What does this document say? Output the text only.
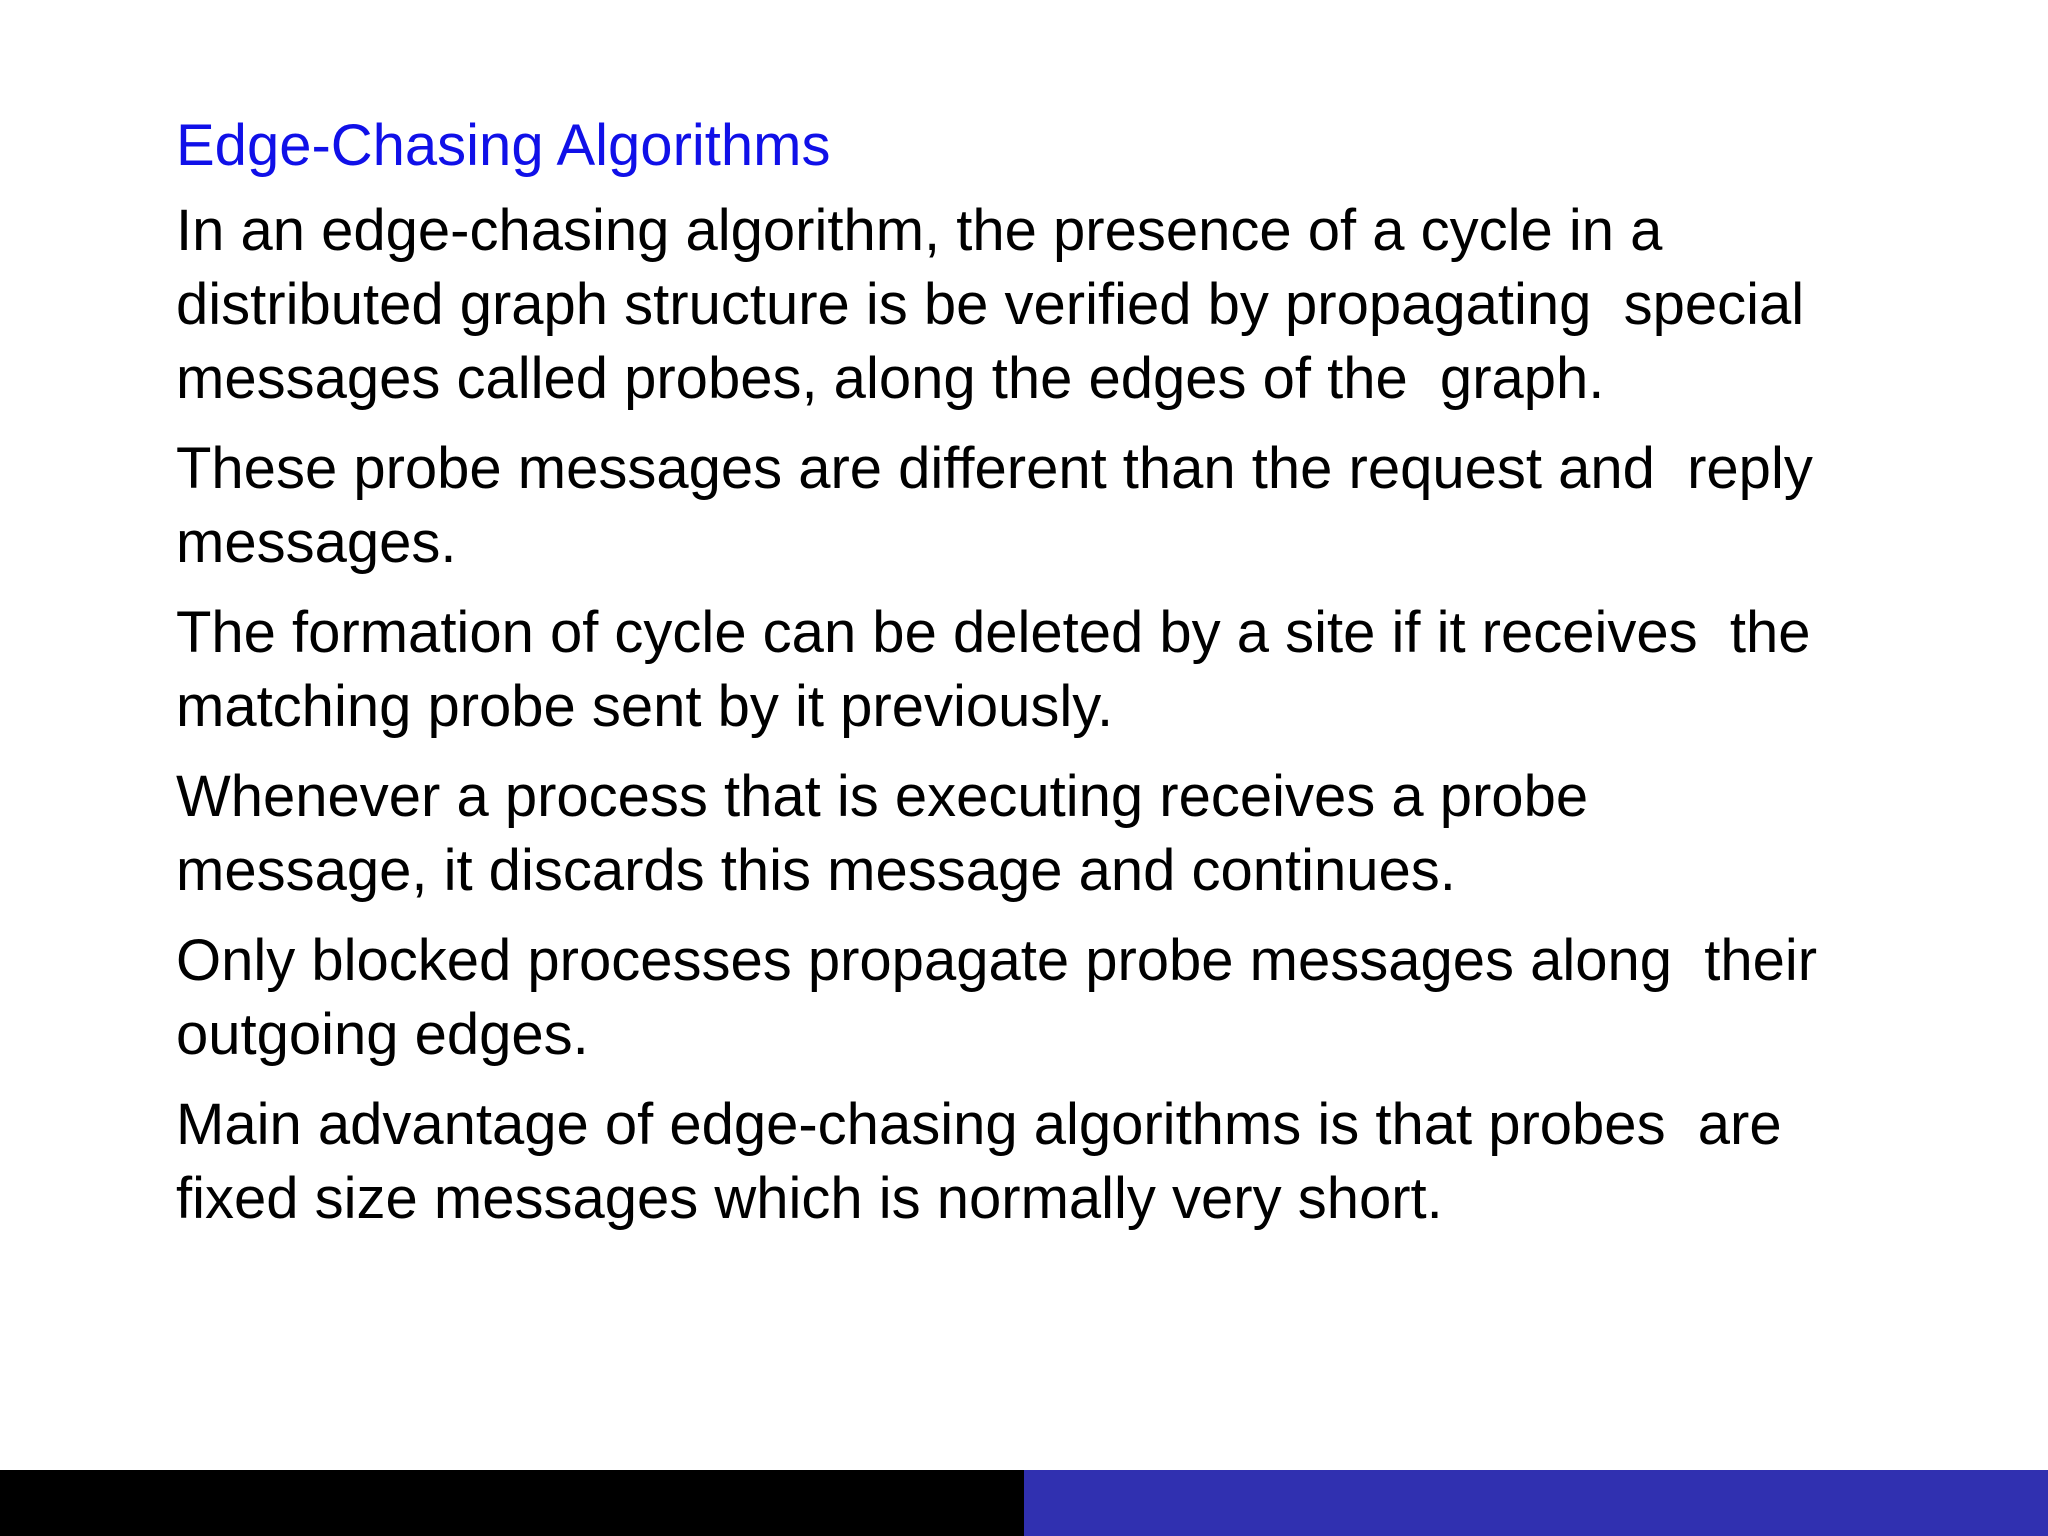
Edge-Chasing Algorithms

In an edge-chasing algorithm, the presence of a cycle in a
distributed graph structure is be verified by propagating  special
messages called probes, along the edges of the  graph.

These probe messages are different than the request and  reply
messages.

The formation of cycle can be deleted by a site if it receives  the
matching probe sent by it previously.

Whenever a process that is executing receives a probe
message, it discards this message and continues.

Only blocked processes propagate probe messages along  their
outgoing edges.

Main advantage of edge-chasing algorithms is that probes  are
fixed size messages which is normally very short.
